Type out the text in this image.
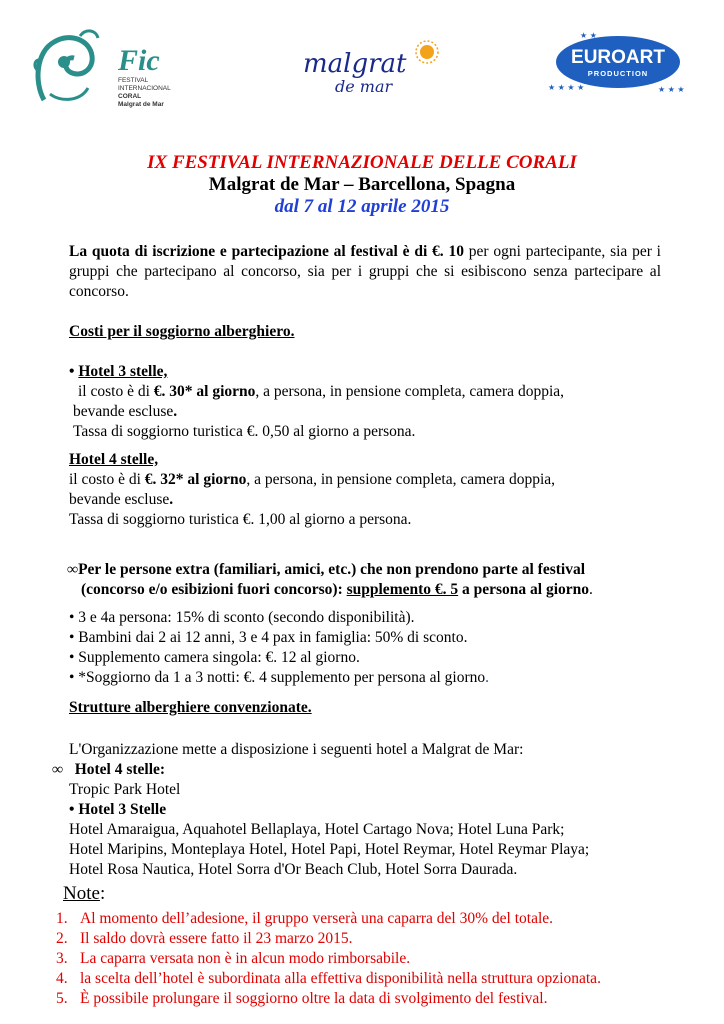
Fic
FESTIVAL
INTERNACIONAL
CORAL
Malgrat de Mar
malgrat
de mar
EUROART
PRODUCTION
★ ★ ★ ★
★ ★
★ ★ ★
IX FESTIVAL INTERNAZIONALE DELLE CORALI
Malgrat de Mar – Barcellona, Spagna
dal 7 al 12 aprile 2015

La quota di iscrizione e partecipazione al festival è di €. 10 per ogni partecipante, sia per i gruppi che partecipano al concorso, sia per i gruppi che si esibiscono senza partecipare al concorso.

Costi per il soggiorno alberghiero.
• Hotel 3 stelle,
il costo è di €. 30* al giorno, a persona, in pensione completa, camera doppia,
bevande escluse.
Tassa di soggiorno turistica €. 0,50 al giorno a persona.
Hotel 4 stelle,
il costo è di €. 32* al giorno, a persona, in pensione completa, camera doppia,
bevande escluse.
Tassa di soggiorno turistica €. 1,00 al giorno a persona.
∞Per le persone extra (familiari, amici, etc.) che non prendono parte al festival
(concorso e/o esibizioni fuori concorso): supplemento €. 5 a persona al giorno.
• 3 e 4a persona: 15% di sconto (secondo disponibilità).
• Bambini dai 2 ai 12 anni, 3 e 4 pax in famiglia: 50% di sconto.
• Supplemento camera singola: €. 12 al giorno.
• *Soggiorno da 1 a 3 notti: €. 4 supplemento per persona al giorno.
Strutture alberghiere convenzionate.
L'Organizzazione mette a disposizione i seguenti hotel a Malgrat de Mar:
∞ Hotel 4 stelle:
Tropic Park Hotel
• Hotel 3 Stelle
Hotel Amaraigua, Aquahotel Bellaplaya, Hotel Cartago Nova; Hotel Luna Park;
Hotel Maripins, Monteplaya Hotel, Hotel Papi, Hotel Reymar, Hotel Reymar Playa;
Hotel Rosa Nautica, Hotel Sorra d'Or Beach Club, Hotel Sorra Daurada.
Note:
1. Al momento dell’adesione, il gruppo verserà una caparra del 30% del totale.
2. Il saldo dovrà essere fatto il 23 marzo 2015.
3. La caparra versata non è in alcun modo rimborsabile.
4. la scelta dell’hotel è subordinata alla effettiva disponibilità nella struttura opzionata.
5. È possibile prolungare il soggiorno oltre la data di svolgimento del festival.
